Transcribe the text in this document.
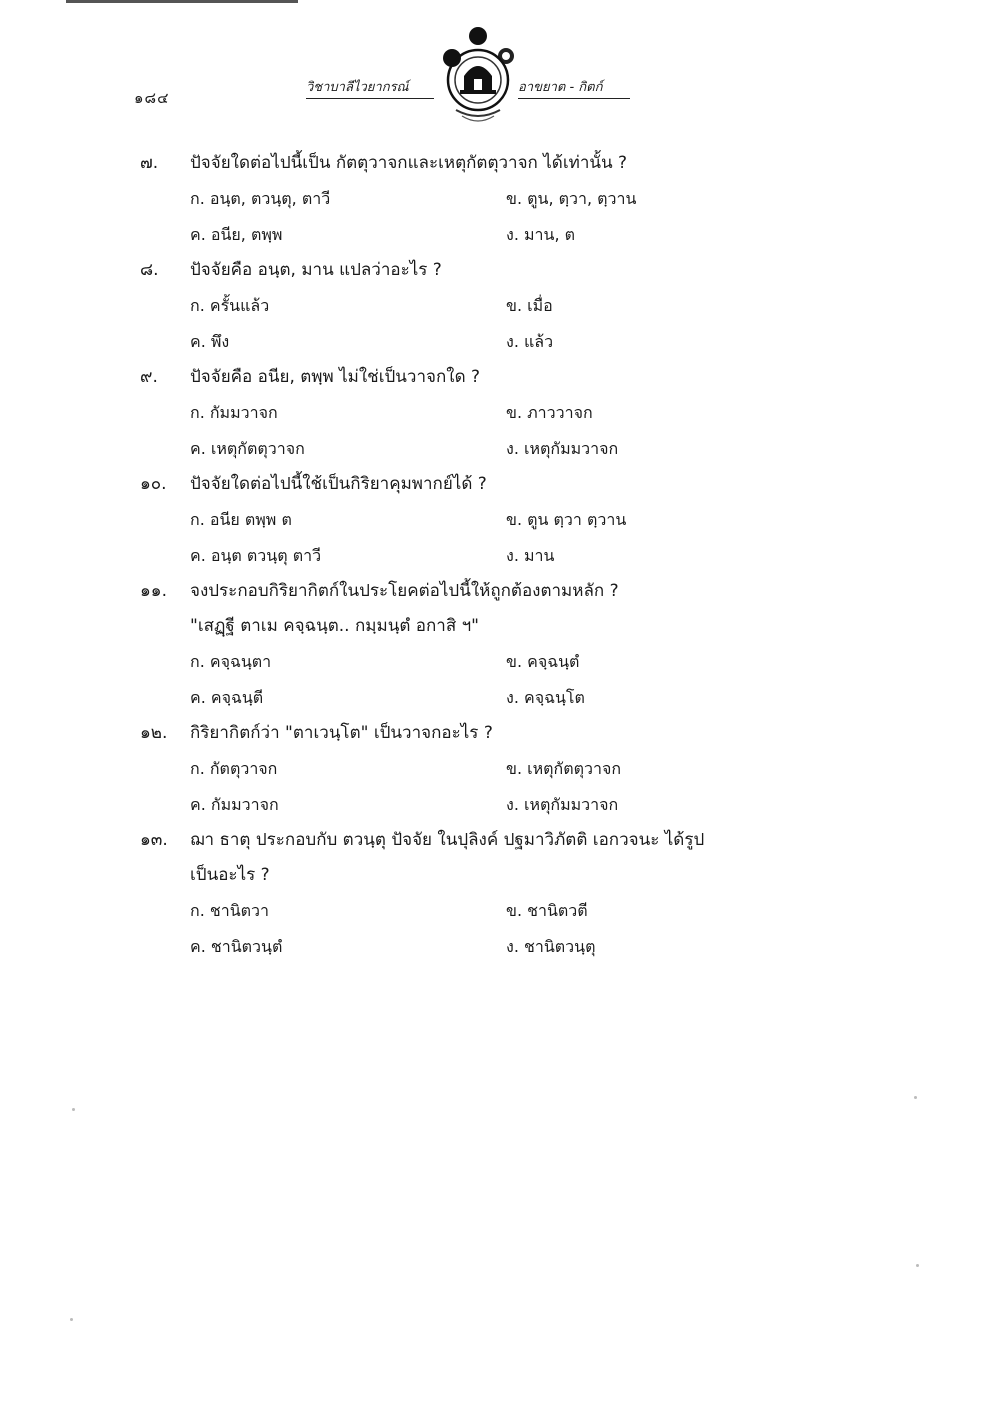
๑๘๔
วิชาบาลีไวยากรณ์	อาขยาต - กิตก์
๗.	ปัจจัยใดต่อไปนี้เป็น กัตตุวาจกและเหตุกัตตุวาจก ได้เท่านั้น ?
ก. อนฺต, ตวนฺตุ, ตาวี	ข. ตูน, ตฺวา, ตฺวาน
ค. อนีย, ตพฺพ	ง. มาน, ต
๘.	ปัจจัยคือ อนฺต, มาน แปลว่าอะไร ?
ก. ครั้นแล้ว	ข. เมื่อ
ค. พึง	ง. แล้ว
๙.	ปัจจัยคือ อนีย, ตพฺพ ไม่ใช่เป็นวาจกใด ?
ก. กัมมวาจก	ข. ภาววาจก
ค. เหตุกัตตุวาจก	ง. เหตุกัมมวาจก
๑๐.	ปัจจัยใดต่อไปนี้ใช้เป็นกิริยาคุมพากย์ได้ ?
ก. อนีย ตพฺพ ต	ข. ตูน ตฺวา ตฺวาน
ค. อนฺต ตวนฺตุ ตาวี	ง. มาน
๑๑.	จงประกอบกิริยากิตก์ในประโยคต่อไปนี้ให้ถูกต้องตามหลัก ?
"เสฏฺฐี ตาเม คจฺฉนฺต.. กมฺมนฺตํ อกาสิ ฯ"
ก. คจฺฉนฺตา	ข. คจฺฉนฺตํ
ค. คจฺฉนฺตี	ง. คจฺฉนฺโต
๑๒.	กิริยากิตก์ว่า "ตาเวนฺโต" เป็นวาจกอะไร ?
ก. กัตตุวาจก	ข. เหตุกัตตุวาจก
ค. กัมมวาจก	ง. เหตุกัมมวาจก
๑๓.	ฌา ธาตุ ประกอบกับ ตวนฺตุ ปัจจัย ในปุลิงค์ ปฐมาวิภัตติ เอกวจนะ ได้รูป
เป็นอะไร ?
ก. ชานิตวา	ข. ชานิตวตี
ค. ชานิตวนฺตํ	ง. ชานิตวนฺตุ
